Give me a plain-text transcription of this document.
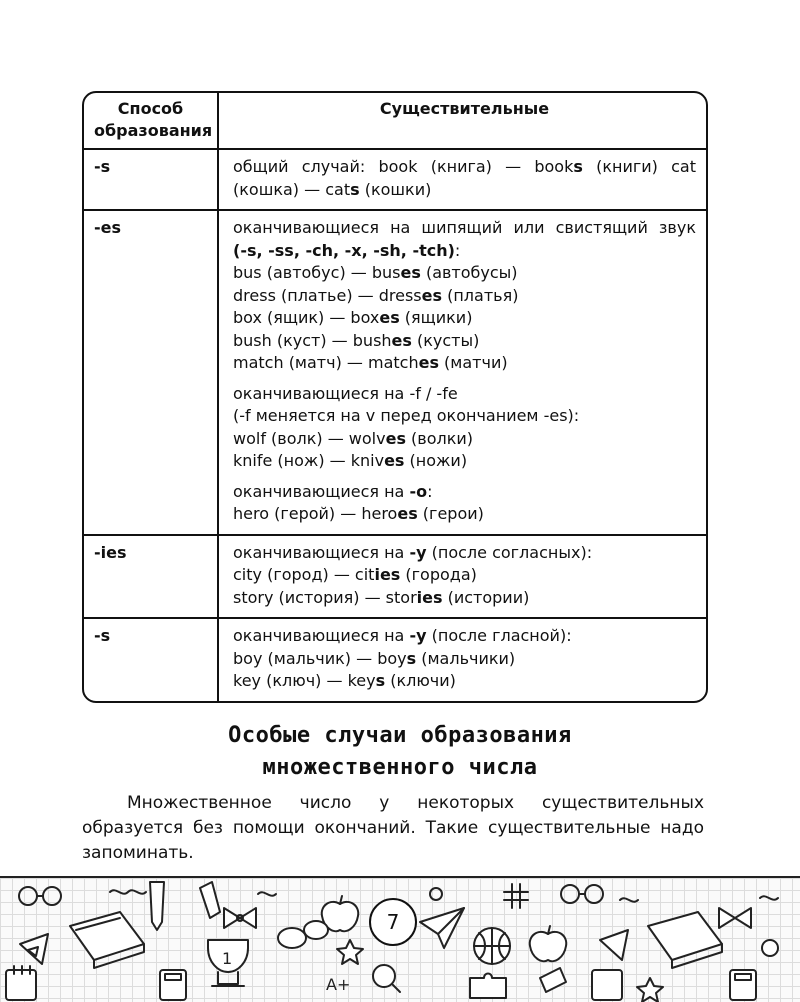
Способ образования
Существительные
-s	общий случай: book (книга) — books (книги) cat
(кошка) — cats (кошки)
-es	оканчивающиеся на шипящий или свистящий звук
(-s, -ss, -ch, -x, -sh, -tch):
bus (автобус) — buses (автобусы)
dress (платье) — dresses (платья)
box (ящик) — boxes (ящики)
bush (куст) — bushes (кусты)
match (матч) — matches (матчи)
оканчивающиеся на -f / -fe
(-f меняется на v перед окончанием -es):
wolf (волк) — wolves (волки)
knife (нож) — knives (ножи)
оканчивающиеся на -o:
hero (герой) — heroes (герои)
-ies	оканчивающиеся на -y (после согласных):
city (город) — cities (города)
story (история) — stories (истории)
-s	оканчивающиеся на -y (после гласной):
boy (мальчик) — boys (мальчики)
key (ключ) — keys (ключи)
Особые случаи образования
множественного числа
Множественное число у некоторых существительных образуется без помощи окончаний. Такие существительные надо запоминать.
1
A+
7
